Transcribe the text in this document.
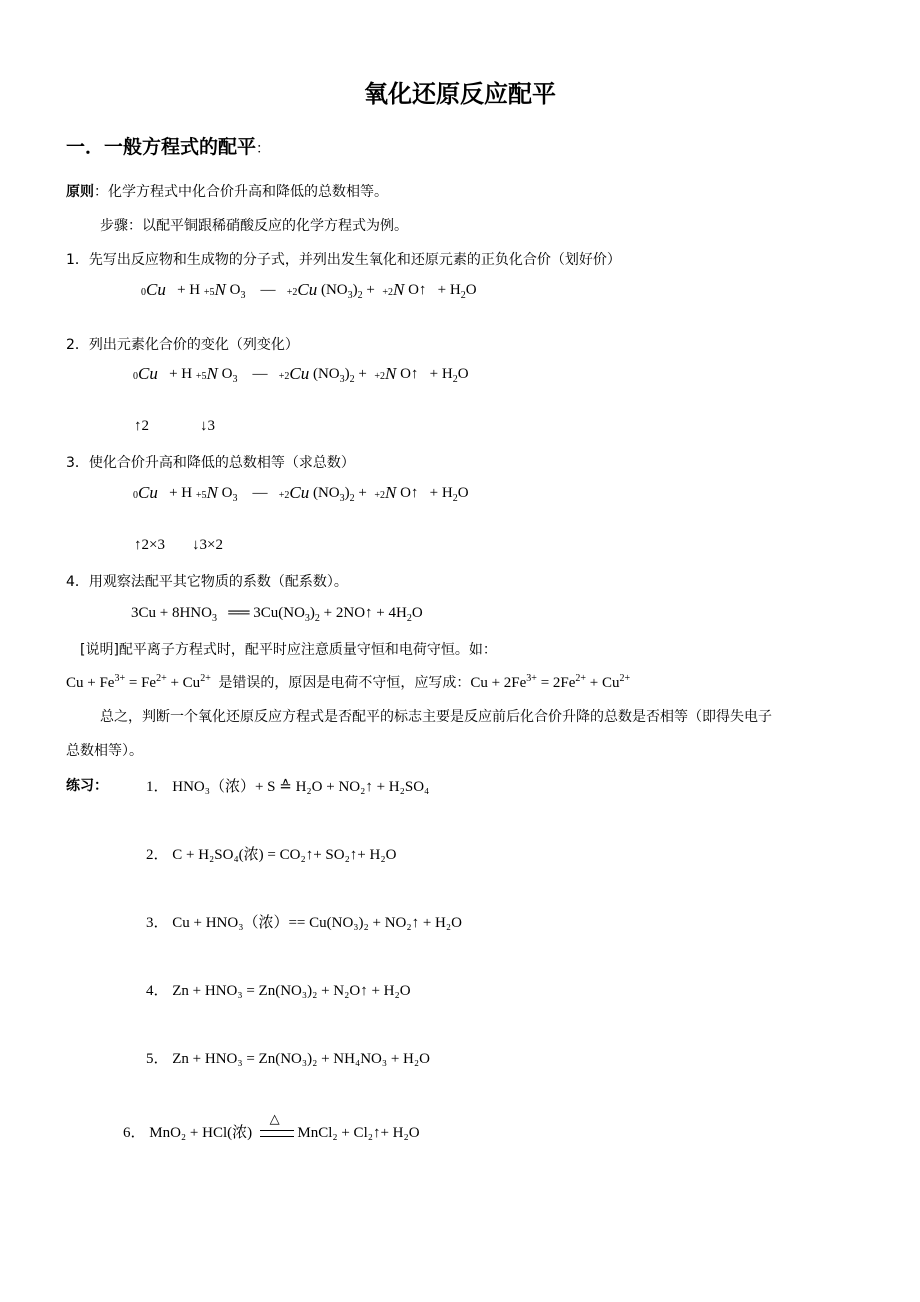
氧化还原反应配平
一．一般方程式的配平：
原则：化学方程式中化合价升高和降低的总数相等。
步骤：以配平铜跟稀硝酸反应的化学方程式为例。
1．先写出反应物和生成物的分子式，并列出发生氧化和还原元素的正负化合价（划好价）
0Cu + H +5N $O_3$ — +2Cu $(NO_3)_2 + +2N$ O↑ + $H_2O$
2．列出元素化合价的变化（列变化）
0Cu + H +5N $O_3$ — +2Cu $(NO_3)_2 + +2N$ O↑ + $H_2O$
↑2	↓3
3．使化合价升高和降低的总数相等（求总数）
0Cu + H +5N $O_3$ — +2Cu $(NO_3)_2 + +2N$ O↑ + $H_2O$
↑2×3 ↓3×2
4．用观察法配平其它物质的系数（配系数）。
$3Cu + 8HNO_3$ ══ $3Cu(NO_3)_2$ + 2NO↑ + $4H_2O$
[说明]配平离子方程式时，配平时应注意质量守恒和电荷守恒。如：
$Cu + Fe^{3+} = Fe^{2+} + Cu^{2+}$ 是错误的，原因是电荷不守恒，应写成：$Cu + 2Fe^{3+} = 2Fe^{2+} + Cu^{2+}$
总之，判断一个氧化还原反应方程式是否配平的标志主要是反应前后化合价升降的总数是否相等（即得失电子
总数相等）。
练习：	1． HNO₃（浓）+ S ≙ H₂O + NO₂↑ + H₂SO₄
2． C + H₂SO₄(浓) = CO₂↑+ SO₂↑+ H₂O
3． Cu + HNO₃（浓）== Cu(NO₃)₂ + NO₂↑ + H₂O
4． Zn + HNO₃ = Zn(NO₃)₂ + N₂O↑ + H₂O
5． Zn + HNO₃ = Zn(NO₃)₂ + NH₄NO₃ + H₂O
6． MnO₂ + HCl(浓)
△
MnCl₂ + Cl₂↑+ H₂O
